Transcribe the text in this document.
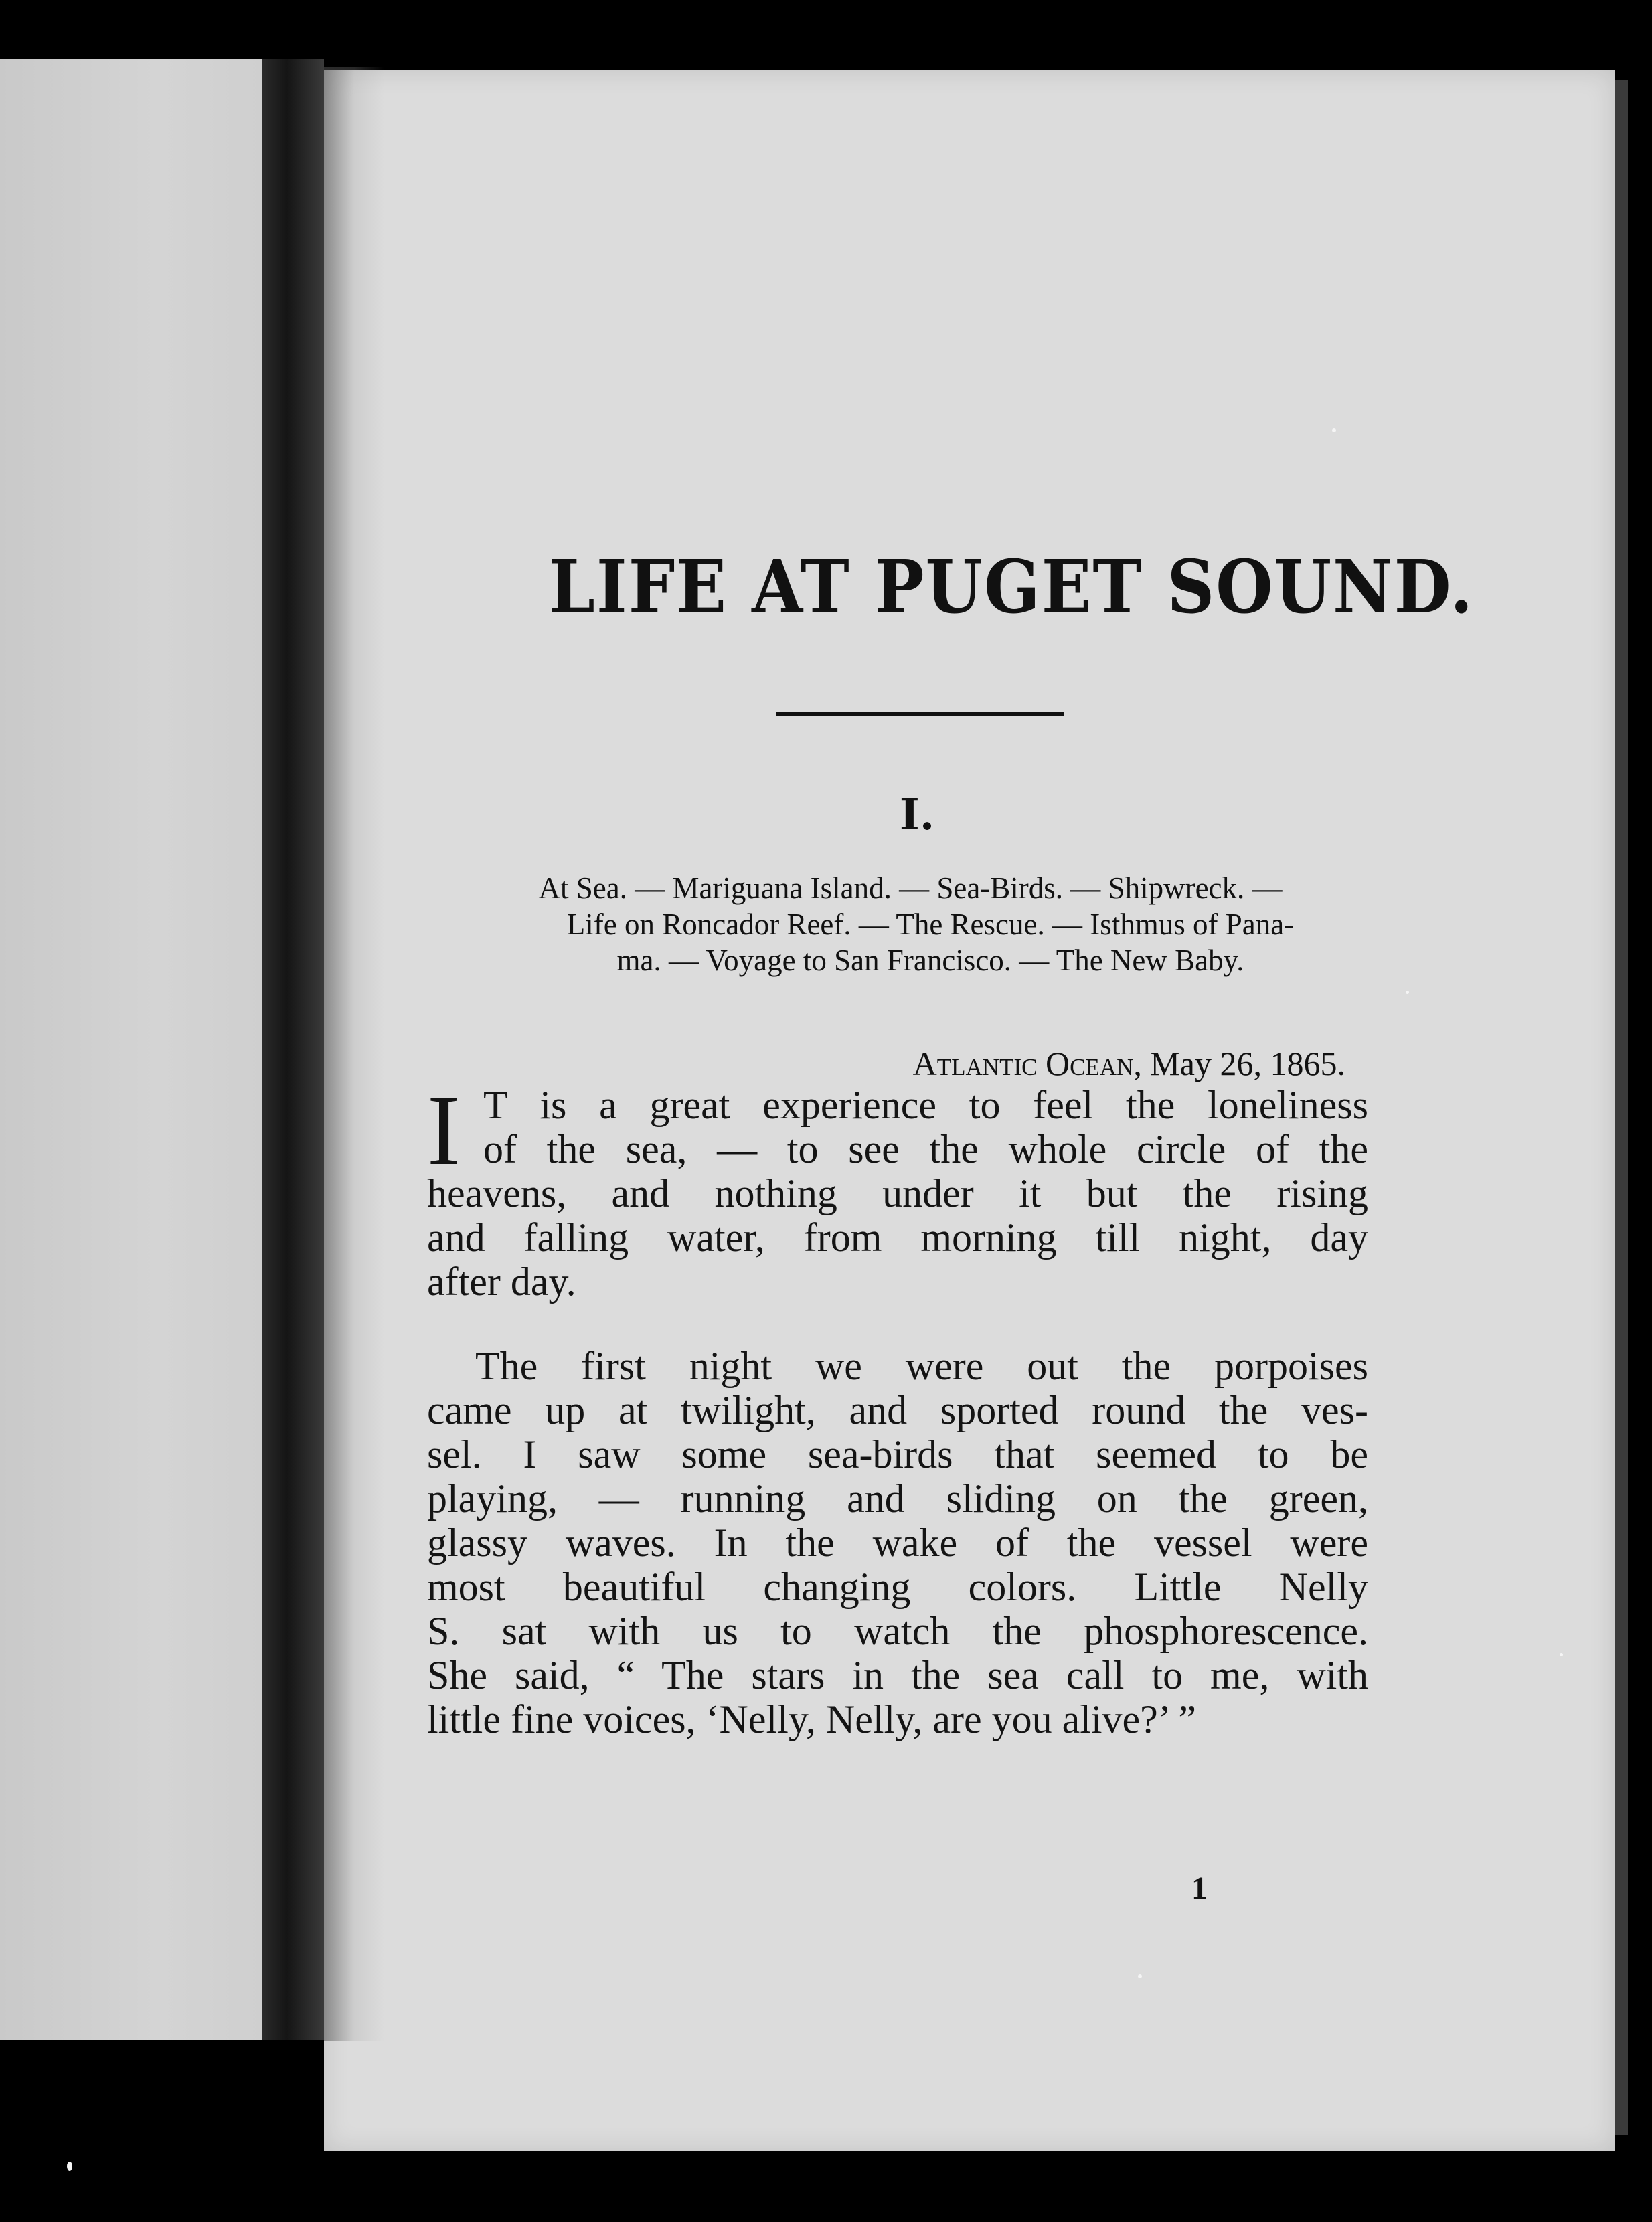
LIFE AT PUGET SOUND.
I.
At Sea. — Mariguana Island. — Sea-Birds. — Shipwreck. —
Life on Roncador Reef. — The Rescue. — Isthmus of Pana-
ma. — Voyage to San Francisco. — The New Baby.
Atlantic Ocean, May 26, 1865.
I T is a great experience to feel the loneliness
of the sea, — to see the whole circle of the
heavens, and nothing under it but the rising
and falling water, from morning till night, day
after day.
The first night we were out the porpoises
came up at twilight, and sported round the ves-
sel. I saw some sea-birds that seemed to be
playing, — running and sliding on the green,
glassy waves. In the wake of the vessel were
most beautiful changing colors. Little Nelly
S. sat with us to watch the phosphorescence.
She said, “ The stars in the sea call to me, with
little fine voices, ‘Nelly, Nelly, are you alive?’ ”
1
